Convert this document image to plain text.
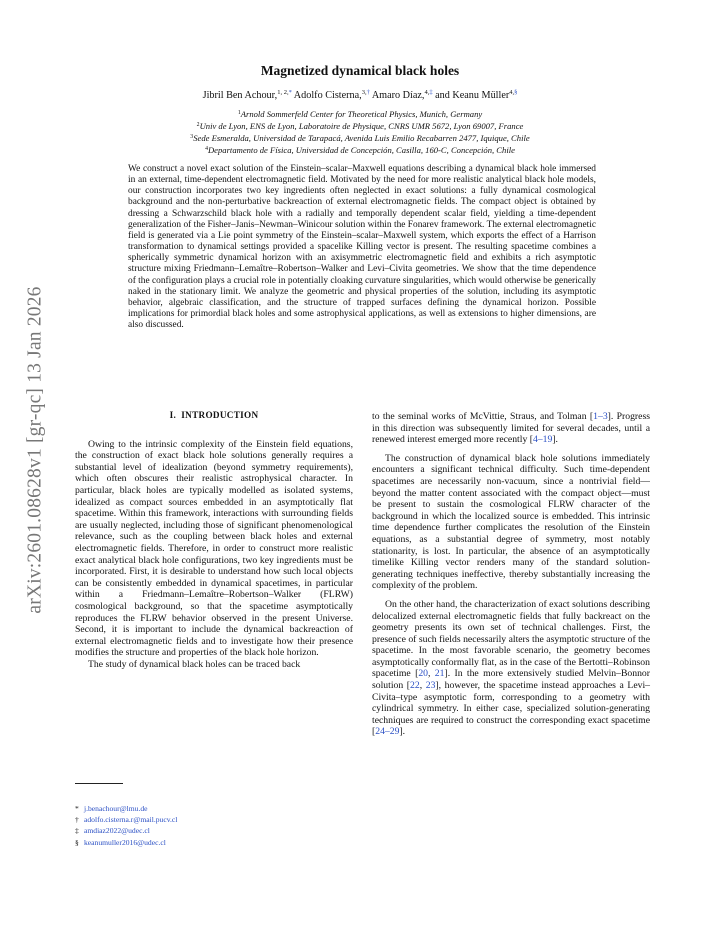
arXiv:2601.08628v1 [gr-qc] 13 Jan 2026
Magnetized dynamical black holes
Jibril Ben Achour,$^{1, 2,*}$ Adolfo Cisterna,$^{3,\dagger}$ Amaro Díaz,$^{4,\ddagger}$ and Keanu Müller$^{4,\S}$
$^1$Arnold Sommerfeld Center for Theoretical Physics, Munich, Germany
$^2$Univ de Lyon, ENS de Lyon, Laboratoire de Physique, CNRS UMR 5672, Lyon 69007, France
$^3$Sede Esmeralda, Universidad de Tarapacá, Avenida Luis Emilio Recabarren 2477, Iquique, Chile
$^4$Departamento de Física, Universidad de Concepción, Casilla, 160-C, Concepción, Chile
We construct a novel exact solution of the Einstein–scalar–Maxwell equations describing a dynamical black hole immersed in an external, time-dependent electromagnetic field. Motivated by the need for more realistic analytical black hole models, our construction incorporates two key ingredients often neglected in exact solutions: a fully dynamical cosmological background and the non-perturbative backreaction of external electromagnetic fields. The compact object is obtained by dressing a Schwarzschild black hole with a radially and temporally dependent scalar field, yielding a time-dependent generalization of the Fisher–Janis–Newman–Winicour solution within the Fonarev framework. The external electromagnetic field is generated via a Lie point symmetry of the Einstein–scalar–Maxwell system, which exports the effect of a Harrison transformation to dynamical settings provided a spacelike Killing vector is present. The resulting spacetime combines a spherically symmetric dynamical horizon with an axisymmetric electromagnetic field and exhibits a rich asymptotic structure mixing Friedmann–Lemaître–Robertson–Walker and Levi–Civita geometries. We show that the time dependence of the configuration plays a crucial role in potentially cloaking curvature singularities, which would otherwise be generically naked in the stationary limit. We analyze the geometric and physical properties of the solution, including its asymptotic behavior, algebraic classification, and the structure of trapped surfaces defining the dynamical horizon. Possible implications for primordial black holes and some astrophysical applications, as well as extensions to higher dimensions, are also discussed.
I. INTRODUCTION

Owing to the intrinsic complexity of the Einstein field equations, the construction of exact black hole solutions generally requires a substantial level of idealization (beyond symmetry requirements), which often obscures their realistic astrophysical character. In particular, black holes are typically modelled as isolated systems, idealized as compact sources embedded in an asymptotically flat spacetime. Within this framework, interactions with surrounding fields are usually neglected, including those of significant phenomenological relevance, such as the coupling between black holes and external electromagnetic fields. Therefore, in order to construct more realistic exact analytical black hole configurations, two key ingredients must be incorporated. First, it is desirable to understand how such local objects can be consistently embedded in dynamical spacetimes, in particular within a Friedmann–Lemaître–Robertson–Walker (FLRW) cosmological background, so that the spacetime asymptotically reproduces the FLRW behavior observed in the present Universe. Second, it is important to include the dynamical backreaction of external electromagnetic fields and to investigate how their presence modifies the structure and properties of the black hole horizon.

The study of dynamical black holes can be traced back

to the seminal works of McVittie, Straus, and Tolman [1–3]. Progress in this direction was subsequently limited for several decades, until a renewed interest emerged more recently [4–19].

The construction of dynamical black hole solutions immediately encounters a significant technical difficulty. Such time-dependent spacetimes are necessarily non-vacuum, since a nontrivial field—beyond the matter content associated with the compact object—must be present to sustain the cosmological FLRW character of the background in which the localized source is embedded. This intrinsic time dependence further complicates the resolution of the Einstein equations, as a substantial degree of symmetry, most notably stationarity, is lost. In particular, the absence of an asymptotically timelike Killing vector renders many of the standard solution-generating techniques ineffective, thereby substantially increasing the complexity of the problem.

On the other hand, the characterization of exact solutions describing delocalized external electromagnetic fields that fully backreact on the geometry presents its own set of technical challenges. First, the presence of such fields necessarily alters the asymptotic structure of the spacetime. In the most favorable scenario, the geometry becomes asymptotically conformally flat, as in the case of the Bertotti–Robinson spacetime [20, 21]. In the more extensively studied Melvin–Bonnor solution [22, 23], however, the spacetime instead approaches a Levi–Civita–type asymptotic form, corresponding to a geometry with cylindrical symmetry. In either case, specialized solution-generating techniques are required to construct the corresponding exact spacetime [24–29].

* j.benachour@lmu.de
† adolfo.cisterna.r@mail.pucv.cl
‡ amdiaz2022@udec.cl
§ keanumuller2016@udec.cl
